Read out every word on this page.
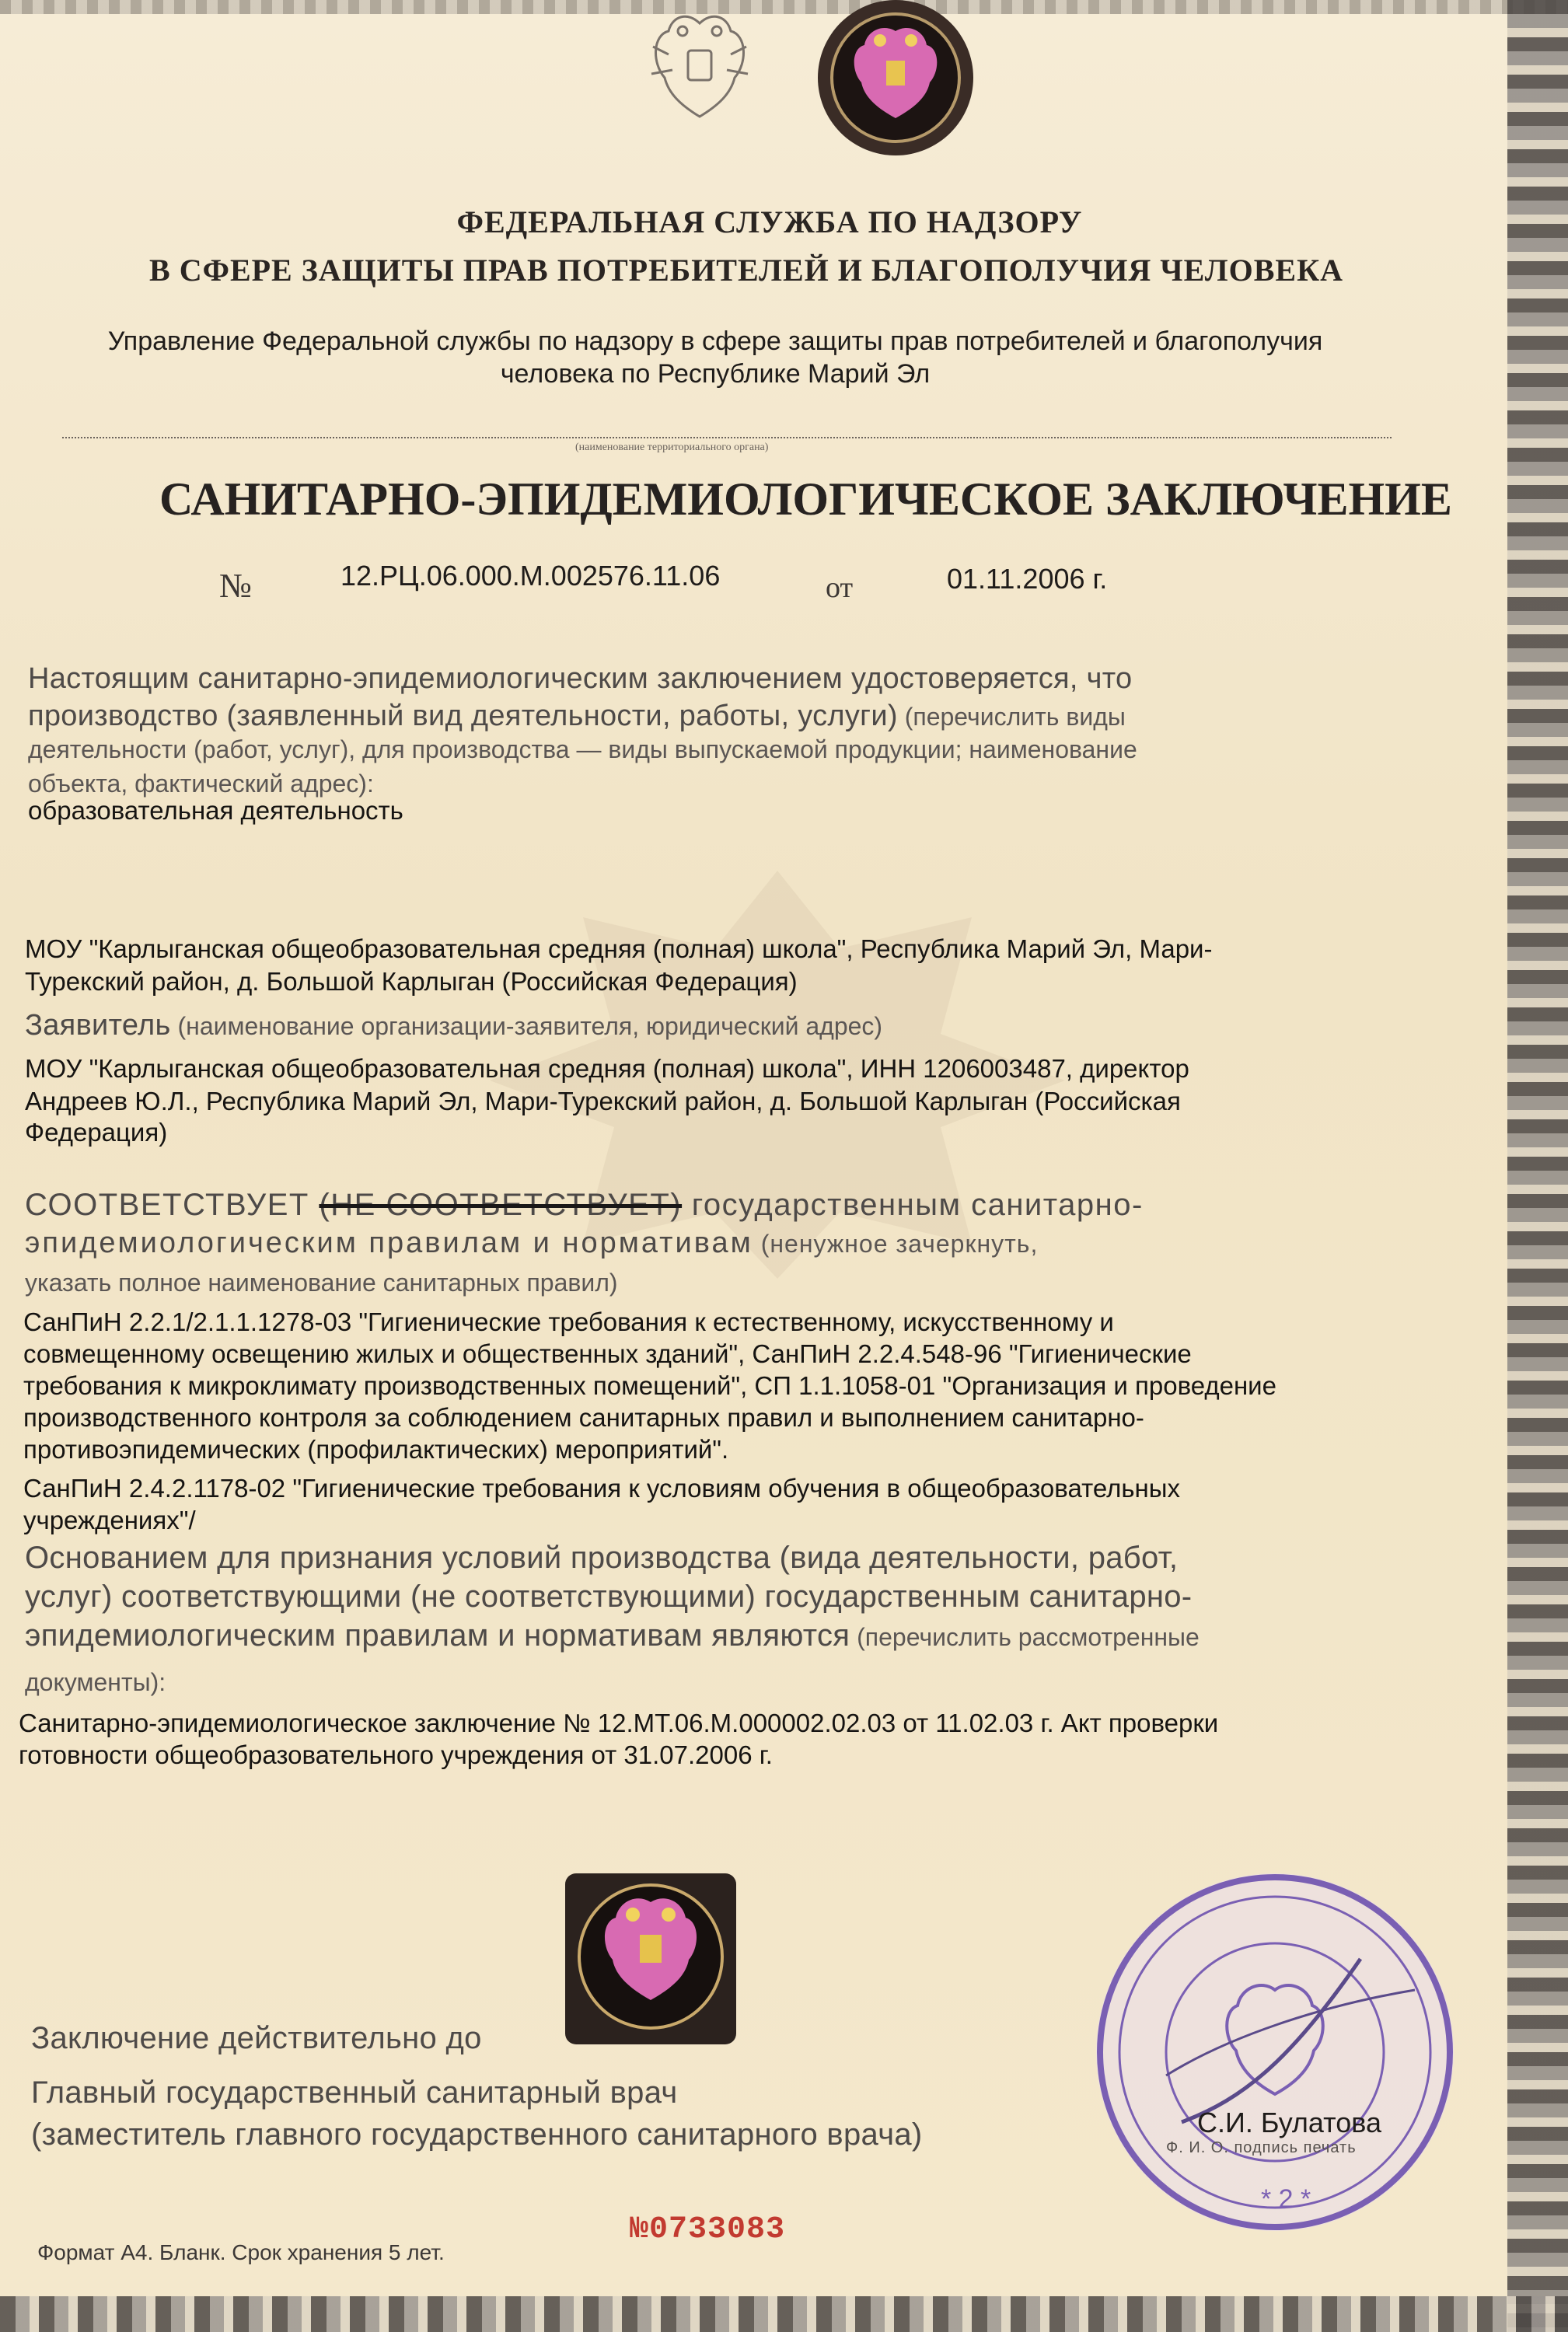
ФЕДЕРАЛЬНАЯ СЛУЖБА ПО НАДЗОРУ
В СФЕРЕ ЗАЩИТЫ ПРАВ ПОТРЕБИТЕЛЕЙ И БЛАГОПОЛУЧИЯ ЧЕЛОВЕКА
Управление Федеральной службы по надзору в сфере защиты прав потребителей и благополучия
человека по Республике Марий Эл
(наименование территориального органа)
САНИТАРНО-ЭПИДЕМИОЛОГИЧЕСКОЕ ЗАКЛЮЧЕНИЕ
№	12.РЦ.06.000.М.002576.11.06	от	01.11.2006 г.
Настоящим санитарно-эпидемиологическим заключением удостоверяется, что
производство (заявленный вид деятельности, работы, услуги) (перечислить виды
деятельности (работ, услуг), для производства — виды выпускаемой продукции; наименование
объекта, фактический адрес):
образовательная деятельность
МОУ "Карлыганская общеобразовательная средняя (полная) школа", Республика Марий Эл, Мари-
Турекский район, д. Большой Карлыган (Российская Федерация)
Заявитель (наименование организации-заявителя, юридический адрес)
МОУ "Карлыганская общеобразовательная средняя (полная) школа", ИНН 1206003487, директор
Андреев Ю.Л., Республика Марий Эл, Мари-Турекский район, д. Большой Карлыган (Российская
Федерация)
СООТВЕТСТВУЕТ (НЕ СООТВЕТСТВУЕТ) государственным санитарно-
эпидемиологическим правилам и нормативам (ненужное зачеркнуть,
указать полное наименование санитарных правил)
СанПиН 2.2.1/2.1.1.1278-03 "Гигиенические требования к естественному, искусственному и
совмещенному освещению жилых и общественных зданий", СанПиН 2.2.4.548-96 "Гигиенические
требования к микроклимату производственных помещений", СП 1.1.1058-01 "Организация и проведение
производственного контроля за соблюдением санитарных правил и выполнением санитарно-
противоэпидемических (профилактических) мероприятий".
СанПиН 2.4.2.1178-02 "Гигиенические требования к условиям обучения в общеобразовательных
учреждениях"/
Основанием для признания условий производства (вида деятельности, работ,
услуг) соответствующими (не соответствующими) государственным санитарно-
эпидемиологическим правилам и нормативам являются (перечислить рассмотренные
документы):
Санитарно-эпидемиологическое заключение № 12.МТ.06.М.000002.02.03 от 11.02.03 г. Акт проверки
готовности общеобразовательного учреждения от 31.07.2006 г.
Заключение действительно до
Главный государственный санитарный врач
(заместитель главного государственного санитарного врача)
* 2 *
С.И. Булатова
Ф. И. О. подпись печать
Формат А4. Бланк. Срок хранения 5 лет.
№0733083
